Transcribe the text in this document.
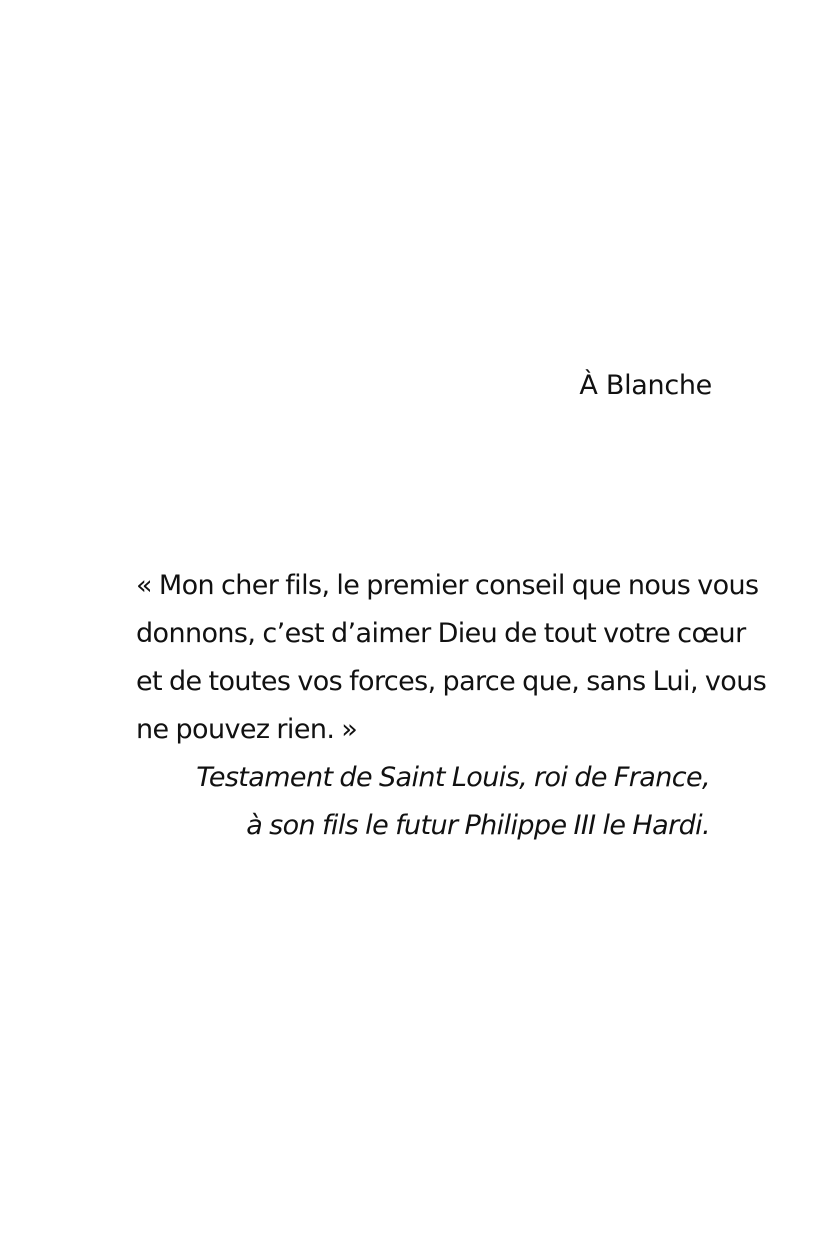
À Blanche
« Mon cher fils, le premier conseil que nous vous
donnons, c’est d’aimer Dieu de tout votre cœur
et de toutes vos forces, parce que, sans Lui, vous
ne pouvez rien. »
Testament de Saint Louis, roi de France,
à son fils le futur Philippe III le Hardi.
